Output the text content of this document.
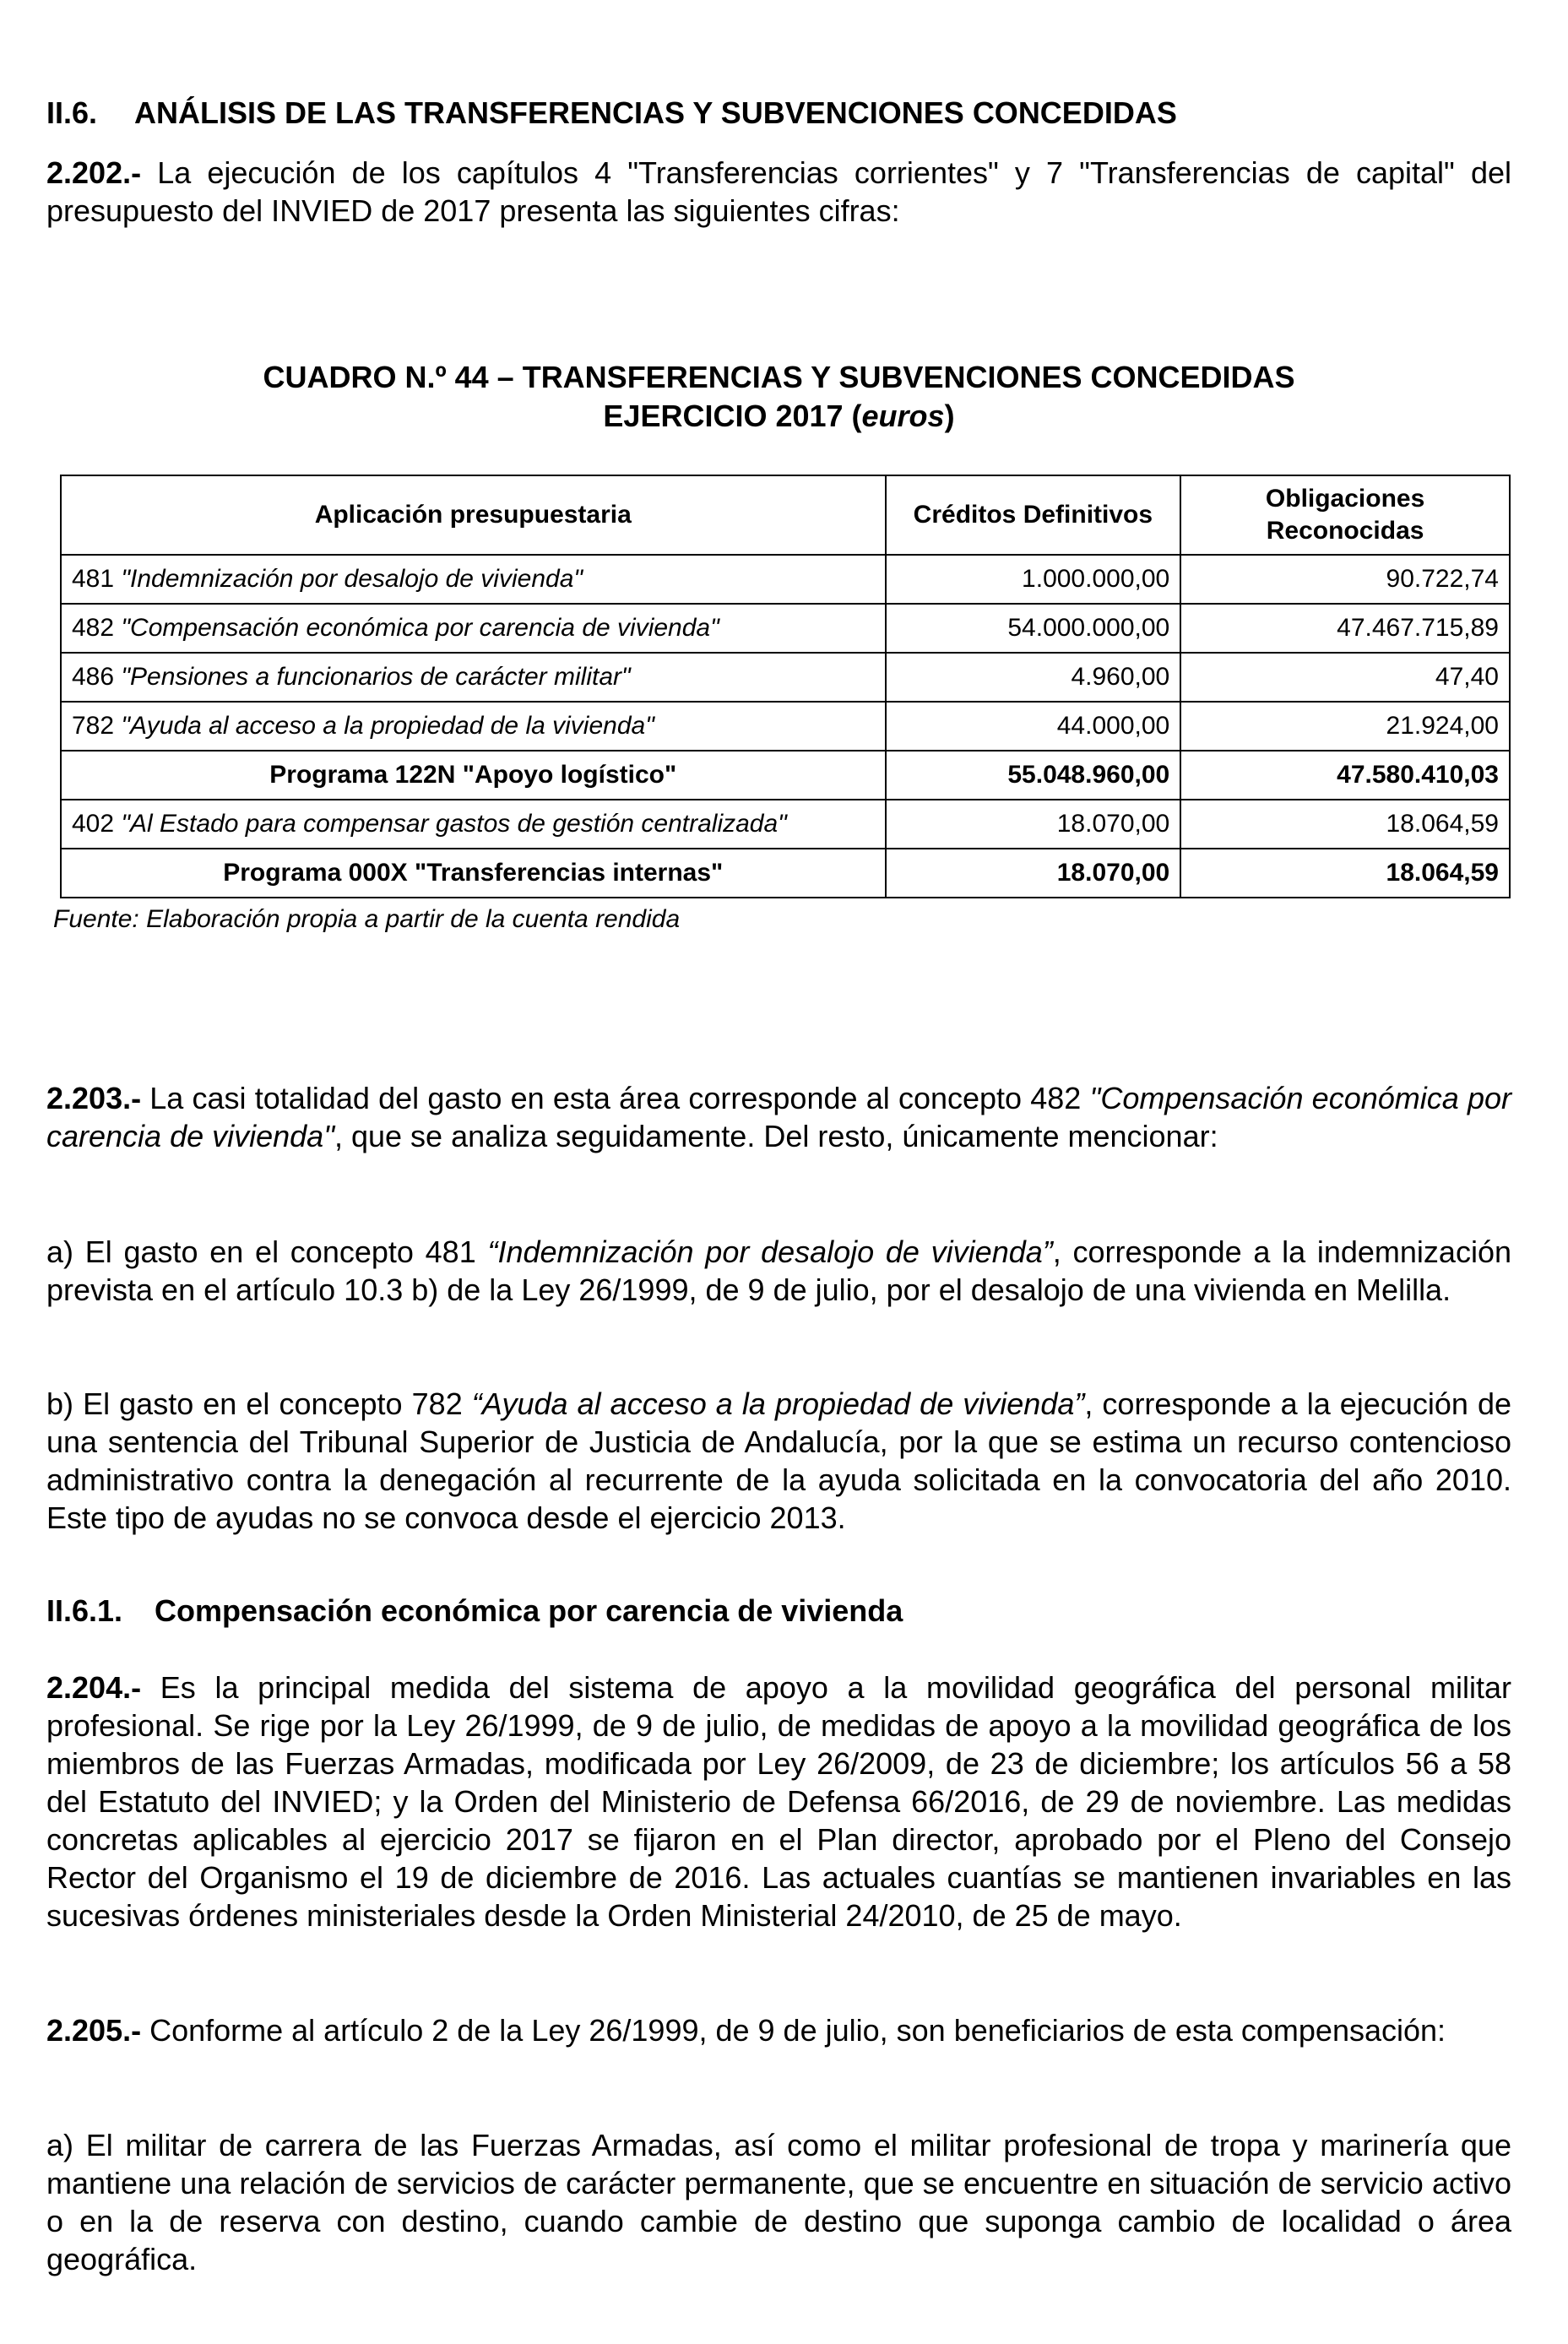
II.6. ANÁLISIS DE LAS TRANSFERENCIAS Y SUBVENCIONES CONCEDIDAS

2.202.- La ejecución de los capítulos 4 "Transferencias corrientes" y 7 "Transferencias de capital" del presupuesto del INVIED de 2017 presenta las siguientes cifras:

CUADRO N.º 44 – TRANSFERENCIAS Y SUBVENCIONES CONCEDIDAS
EJERCICIO 2017 (euros)
Aplicación presupuestaria	Créditos Definitivos	Obligaciones Reconocidas
481 "Indemnización por desalojo de vivienda"	1.000.000,00	90.722,74
482 "Compensación económica por carencia de vivienda"	54.000.000,00	47.467.715,89
486 "Pensiones a funcionarios de carácter militar"	4.960,00	47,40
782 "Ayuda al acceso a la propiedad de la vivienda"	44.000,00	21.924,00
Programa 122N "Apoyo logístico"	55.048.960,00	47.580.410,03
402 "Al Estado para compensar gastos de gestión centralizada"	18.070,00	18.064,59
Programa 000X "Transferencias internas"	18.070,00	18.064,59
Fuente: Elaboración propia a partir de la cuenta rendida

2.203.- La casi totalidad del gasto en esta área corresponde al concepto 482 "Compensación económica por carencia de vivienda", que se analiza seguidamente. Del resto, únicamente mencionar:

a) El gasto en el concepto 481 “Indemnización por desalojo de vivienda”, corresponde a la indemnización prevista en el artículo 10.3 b) de la Ley 26/1999, de 9 de julio, por el desalojo de una vivienda en Melilla.

b) El gasto en el concepto 782 “Ayuda al acceso a la propiedad de vivienda”, corresponde a la ejecución de una sentencia del Tribunal Superior de Justicia de Andalucía, por la que se estima un recurso contencioso administrativo contra la denegación al recurrente de la ayuda solicitada en la convocatoria del año 2010. Este tipo de ayudas no se convoca desde el ejercicio 2013.

II.6.1. Compensación económica por carencia de vivienda

2.204.- Es la principal medida del sistema de apoyo a la movilidad geográfica del personal militar profesional. Se rige por la Ley 26/1999, de 9 de julio, de medidas de apoyo a la movilidad geográfica de los miembros de las Fuerzas Armadas, modificada por Ley 26/2009, de 23 de diciembre; los artículos 56 a 58 del Estatuto del INVIED; y la Orden del Ministerio de Defensa 66/2016, de 29 de noviembre. Las medidas concretas aplicables al ejercicio 2017 se fijaron en el Plan director, aprobado por el Pleno del Consejo Rector del Organismo el 19 de diciembre de 2016. Las actuales cuantías se mantienen invariables en las sucesivas órdenes ministeriales desde la Orden Ministerial 24/2010, de 25 de mayo.

2.205.- Conforme al artículo 2 de la Ley 26/1999, de 9 de julio, son beneficiarios de esta compensación:

a) El militar de carrera de las Fuerzas Armadas, así como el militar profesional de tropa y marinería que mantiene una relación de servicios de carácter permanente, que se encuentre en situación de servicio activo o en la de reserva con destino, cuando cambie de destino que suponga cambio de localidad o área geográfica.
